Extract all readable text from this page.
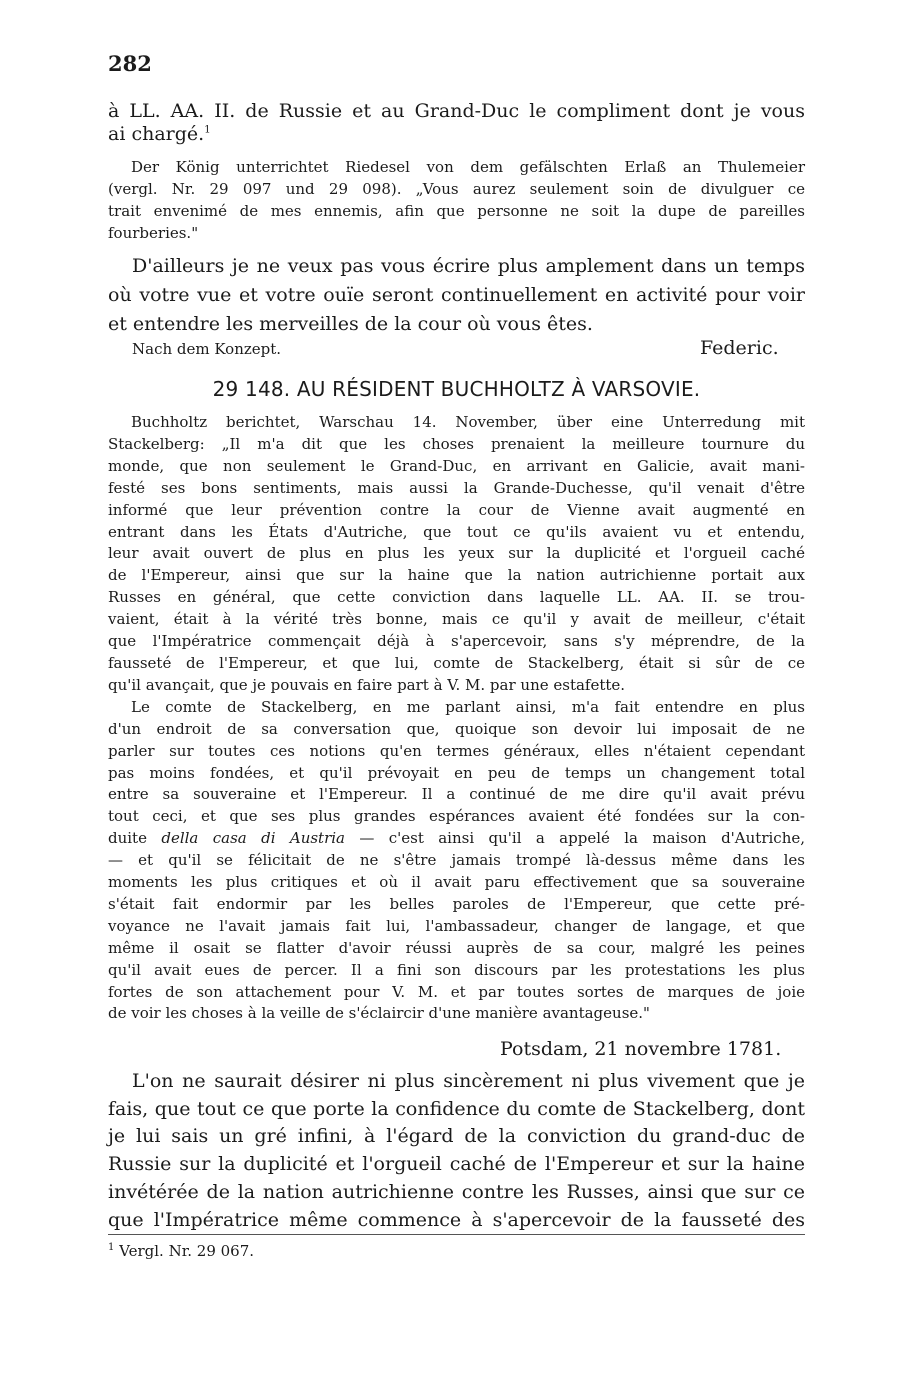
282
à LL. AA. II. de Russie et au Grand-Duc le compliment dont je vous
ai chargé.$^1$
Der König unterrichtet Riedesel von dem gefälschten Erlaß an Thulemeier
(vergl. Nr. 29 097 und 29 098). „Vous aurez seulement soin de divulguer ce
trait envenimé de mes ennemis, afin que personne ne soit la dupe de pareilles
fourberies."
D'ailleurs je ne veux pas vous écrire plus amplement dans un temps
où votre vue et votre ouïe seront continuellement en activité pour voir
et entendre les merveilles de la cour où vous êtes.
Nach dem Konzept.	Federic.
29 148. AU RÉSIDENT BUCHHOLTZ À VARSOVIE.
Buchholtz berichtet, Warschau 14. November, über eine Unterredung mit
Stackelberg: „Il m'a dit que les choses prenaient la meilleure tournure du
monde, que non seulement le Grand-Duc, en arrivant en Galicie, avait mani-
festé ses bons sentiments, mais aussi la Grande-Duchesse, qu'il venait d'être
informé que leur prévention contre la cour de Vienne avait augmenté en
entrant dans les États d'Autriche, que tout ce qu'ils avaient vu et entendu,
leur avait ouvert de plus en plus les yeux sur la duplicité et l'orgueil caché
de l'Empereur, ainsi que sur la haine que la nation autrichienne portait aux
Russes en général, que cette conviction dans laquelle LL. AA. II. se trou-
vaient, était à la vérité très bonne, mais ce qu'il y avait de meilleur, c'était
que l'Impératrice commençait déjà à s'apercevoir, sans s'y méprendre, de la
fausseté de l'Empereur, et que lui, comte de Stackelberg, était si sûr de ce
qu'il avançait, que je pouvais en faire part à V. M. par une estafette.
Le comte de Stackelberg, en me parlant ainsi, m'a fait entendre en plus
d'un endroit de sa conversation que, quoique son devoir lui imposait de ne
parler sur toutes ces notions qu'en termes généraux, elles n'étaient cependant
pas moins fondées, et qu'il prévoyait en peu de temps un changement total
entre sa souveraine et l'Empereur. Il a continué de me dire qu'il avait prévu
tout ceci, et que ses plus grandes espérances avaient été fondées sur la con-
duite della casa di Austria — c'est ainsi qu'il a appelé la maison d'Autriche,
— et qu'il se félicitait de ne s'être jamais trompé là-dessus même dans les
moments les plus critiques et où il avait paru effectivement que sa souveraine
s'était fait endormir par les belles paroles de l'Empereur, que cette pré-
voyance ne l'avait jamais fait lui, l'ambassadeur, changer de langage, et que
même il osait se flatter d'avoir réussi auprès de sa cour, malgré les peines
qu'il avait eues de percer. Il a fini son discours par les protestations les plus
fortes de son attachement pour V. M. et par toutes sortes de marques de joie
de voir les choses à la veille de s'éclaircir d'une manière avantageuse."
Potsdam, 21 novembre 1781.
L'on ne saurait désirer ni plus sincèrement ni plus vivement que je
fais, que tout ce que porte la confidence du comte de Stackelberg, dont
je lui sais un gré infini, à l'égard de la conviction du grand-duc de
Russie sur la duplicité et l'orgueil caché de l'Empereur et sur la haine
invétérée de la nation autrichienne contre les Russes, ainsi que sur ce
que l'Impératrice même commence à s'apercevoir de la fausseté des
$^1$ Vergl. Nr. 29 067.
